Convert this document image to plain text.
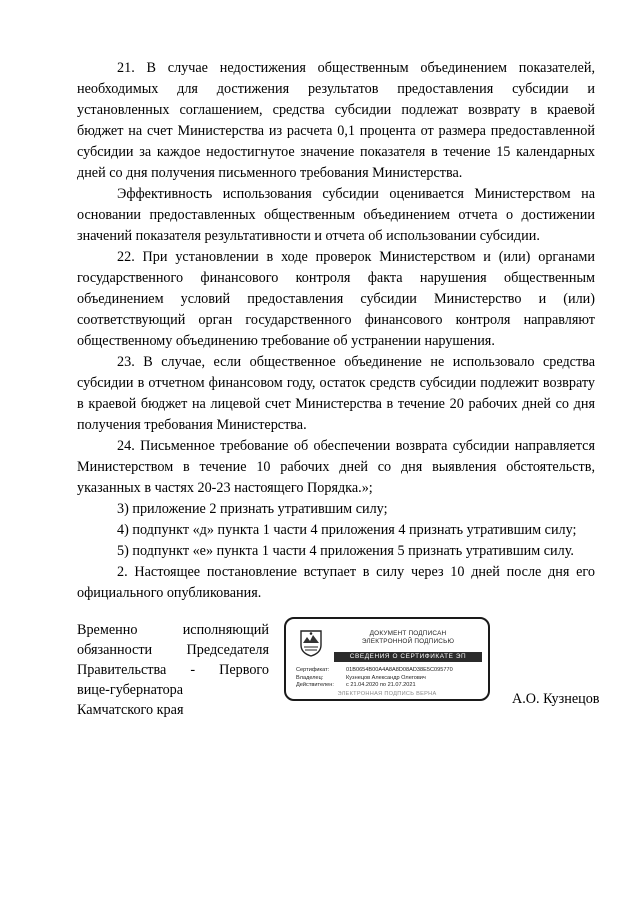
21. В случае недостижения общественным объединением показателей, необходимых для достижения результатов предоставления субсидии и установленных соглашением, средства субсидии подлежат возврату в краевой бюджет на счет Министерства из расчета 0,1 процента от размера предоставленной субсидии за каждое недостигнутое значение показателя в течение 15 календарных дней со дня получения письменного требования Министерства.

Эффективность использования субсидии оценивается Министерством на основании предоставленных общественным объединением отчета о достижении значений показателя результативности и отчета об использовании субсидии.

22. При установлении в ходе проверок Министерством и (или) органами государственного финансового контроля факта нарушения общественным объединением условий предоставления субсидии Министерство и (или) соответствующий орган государственного финансового контроля направляют общественному объединению требование об устранении нарушения.

23. В случае, если общественное объединение не использовало средства субсидии в отчетном финансовом году, остаток средств субсидии подлежит возврату в краевой бюджет на лицевой счет Министерства в течение 20 рабочих дней со дня получения требования Министерства.

24. Письменное требование об обеспечении возврата субсидии направляется Министерством в течение 10 рабочих дней со дня выявления обстоятельств, указанных в частях 20-23 настоящего Порядка.»;

3) приложение 2 признать утратившим силу;

4) подпункт «д» пункта 1 части 4 приложения 4 признать утратившим силу;

5) подпункт «е» пункта 1 части 4 приложения 5 признать утратившим силу.

2. Настоящее постановление вступает в силу через 10 дней после дня его официального опубликования.

Временно исполняющий
обязанности Председателя
Правительства - Первого
вице-губернатора
Камчатского края
ДОКУМЕНТ ПОДПИСАН
ЭЛЕКТРОННОЙ ПОДПИСЬЮ
СВЕДЕНИЯ О СЕРТИФИКАТЕ ЭП
Сертификат:	01B0654B00A4A8A8D08AD38E5C095770
Владелец:	Кузнецов Александр Олегович
Действителен: с 21.04.2020 по 21.07.2021
ЭЛЕКТРОННАЯ ПОДПИСЬ ВЕРНА	А.О. Кузнецов
